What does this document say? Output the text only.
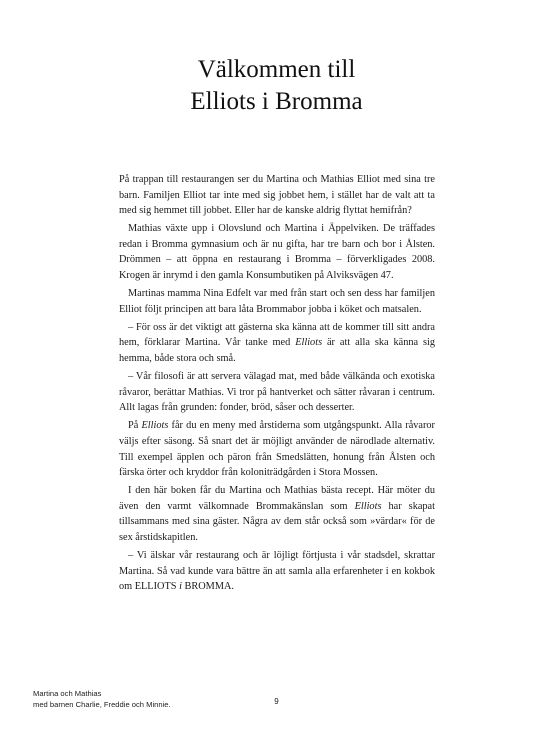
Välkommen till
Elliots i Bromma

På trappan till restaurangen ser du Martina och Mathias Elliot med sina tre barn. Familjen Elliot tar inte med sig jobbet hem, i stället har de valt att ta med sig hemmet till jobbet. Eller har de kanske aldrig flyttat hemifrån?

Mathias växte upp i Olovslund och Martina i Äppelviken. De träffades redan i Bromma gymnasium och är nu gifta, har tre barn och bor i Ålsten. Drömmen – att öppna en restaurang i Bromma – förverkligades 2008. Krogen är inrymd i den gamla Konsumbutiken på Alviksvägen 47.

Martinas mamma Nina Edfelt var med från start och sen dess har familjen Elliot följt principen att bara låta Brommabor jobba i köket och matsalen.

– För oss är det viktigt att gästerna ska känna att de kommer till sitt andra hem, förklarar Martina. Vår tanke med Elliots är att alla ska känna sig hemma, både stora och små.

– Vår filosofi är att servera välagad mat, med både välkända och exotiska råvaror, berättar Mathias. Vi tror på hantverket och sätter råvaran i centrum. Allt lagas från grunden: fonder, bröd, såser och desserter.

På Elliots får du en meny med årstiderna som utgångspunkt. Alla råvaror väljs efter säsong. Så snart det är möjligt använder de närodlade alternativ. Till exempel äpplen och päron från Smedslätten, honung från Ålsten och färska örter och kryddor från koloniträdgården i Stora Mossen.

I den här boken får du Martina och Mathias bästa recept. Här möter du även den varmt välkomnade Brommakänslan som Elliots har skapat tillsammans med sina gäster. Några av dem står också som »värdar« för de sex årstidskapitlen.

– Vi älskar vår restaurang och är löjligt förtjusta i vår stadsdel, skrattar Martina. Så vad kunde vara bättre än att samla alla erfarenheter i en kokbok om ELLIOTS i BROMMA.

Martina och Mathias
med barnen Charlie, Freddie och Minnie.	9
